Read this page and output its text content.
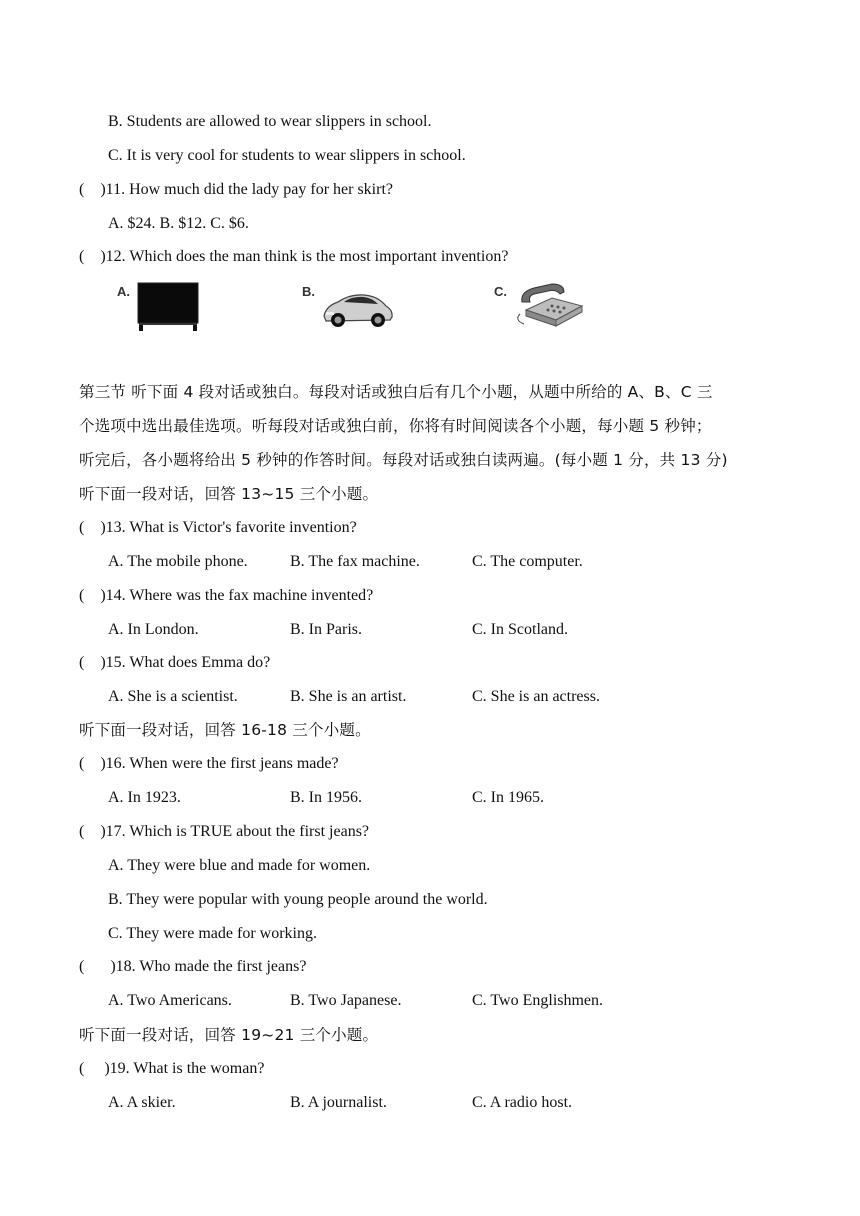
B. Students are allowed to wear slippers in school.
C. It is very cool for students to wear slippers in school.
( )11. How much did the lady pay for her skirt?
A. $24. B. $12. C. $6.
( )12. Which does the man think is the most important invention?
A.	B.	C.
第三节 听下面 4 段对话或独白。每段对话或独白后有几个小题，从题中所给的 A、B、C 三
个选项中选出最佳选项。听每段对话或独白前，你将有时间阅读各个小题，每小题 5 秒钟；
听完后，各小题将给出 5 秒钟的作答时间。每段对话或独白读两遍。(每小题 1 分，共 13 分)
听下面一段对话，回答 13~15 三个小题。
( )13. What is Victor's favorite invention?
A. The mobile phone.	B. The fax machine.	C. The computer.
( )14. Where was the fax machine invented?
A. In London.	B. In Paris.	C. In Scotland.
( )15. What does Emma do?
A. She is a scientist.	B. She is an artist.	C. She is an actress.
听下面一段对话，回答 16-18 三个小题。
( )16. When were the first jeans made?
A. In 1923.	B. In 1956.	C. In 1965.
( )17. Which is TRUE about the first jeans?
A. They were blue and made for women.
B. They were popular with young people around the world.
C. They were made for working.
( )18. Who made the first jeans?
A. Two Americans.	B. Two Japanese.	C. Two Englishmen.
听下面一段对话，回答 19~21 三个小题。
( )19. What is the woman?
A. A skier.	B. A journalist.	C. A radio host.
